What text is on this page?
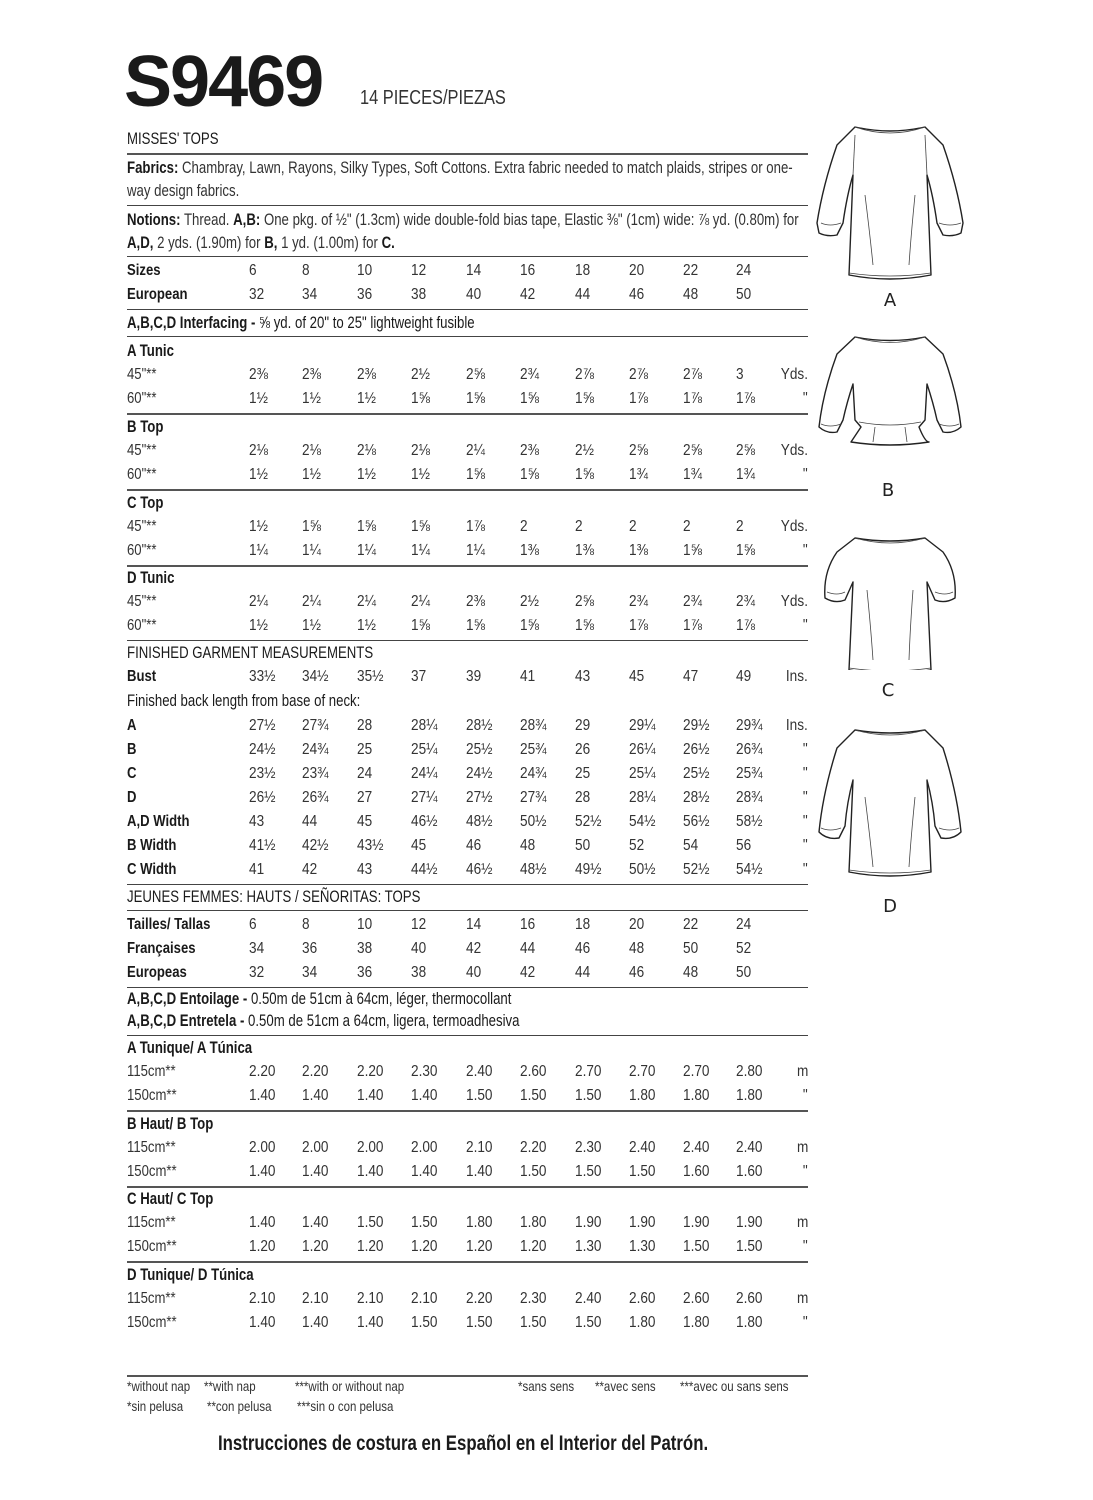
S9469 14 PIECES/PIEZAS
MISSES' TOPS
Fabrics: Chambray, Lawn, Rayons, Silky Types, Soft Cottons. Extra fabric needed to match plaids, stripes or one-way design fabrics.
Notions: Thread. A,B: One pkg. of ½" (1.3cm) wide double-fold bias tape, Elastic ⅜" (1cm) wide: ⅞ yd. (0.80m) for A,D, 2 yds. (1.90m) for B, 1 yd. (1.00m) for C.
Sizes	6	8	10	12	14	16	18	20	22	24
European	32	34	36	38	40	42	44	46	48	50
A,B,C,D Interfacing - ⅝ yd. of 20" to 25" lightweight fusible
A Tunic
45"**	2⅜	2⅜	2⅜	2½	2⅝	2¾	2⅞	2⅞	2⅞	3	Yds.
60"**	1½	1½	1½	1⅝	1⅝	1⅝	1⅝	1⅞	1⅞	1⅞	"
B Top
45"**	2⅛	2⅛	2⅛	2⅛	2¼	2⅜	2½	2⅝	2⅝	2⅝	Yds.
60"**	1½	1½	1½	1½	1⅝	1⅝	1⅝	1¾	1¾	1¾	"
C Top
45"**	1½	1⅝	1⅝	1⅝	1⅞	2	2	2	2	2	Yds.
60"**	1¼	1¼	1¼	1¼	1¼	1⅜	1⅜	1⅜	1⅝	1⅝	"
D Tunic
45"**	2¼	2¼	2¼	2¼	2⅜	2½	2⅝	2¾	2¾	2¾	Yds.
60"**	1½	1½	1½	1⅝	1⅝	1⅝	1⅝	1⅞	1⅞	1⅞	"
FINISHED GARMENT MEASUREMENTS
Bust	33½	34½	35½	37	39	41	43	45	47	49	Ins.
Finished back length from base of neck:
A	27½	27¾	28	28¼	28½	28¾	29	29¼	29½	29¾	Ins.
B	24½	24¾	25	25¼	25½	25¾	26	26¼	26½	26¾	"
C	23½	23¾	24	24¼	24½	24¾	25	25¼	25½	25¾	"
D	26½	26¾	27	27¼	27½	27¾	28	28¼	28½	28¾	"
A,D Width	43	44	45	46½	48½	50½	52½	54½	56½	58½	"
B Width	41½	42½	43½	45	46	48	50	52	54	56	"
C Width	41	42	43	44½	46½	48½	49½	50½	52½	54½	"
JEUNES FEMMES: HAUTS / SEÑORITAS: TOPS
Tailles/ Tallas 6	8	10	12	14	16	18	20	22	24
Françaises	34	36	38	40	42	44	46	48	50	52
Europeas	32	34	36	38	40	42	44	46	48	50
A,B,C,D Entoilage - 0.50m de 51cm à 64cm, léger, thermocollant
A,B,C,D Entretela - 0.50m de 51cm a 64cm, ligera, termoadhesiva
A Tunique/ A Túnica
115cm**	2.20	2.20	2.20	2.30	2.40	2.60	2.70	2.70	2.70	2.80	m
150cm**	1.40	1.40	1.40	1.40	1.50	1.50	1.50	1.80	1.80	1.80	"
B Haut/ B Top
115cm**	2.00	2.00	2.00	2.00	2.10	2.20	2.30	2.40	2.40	2.40	m
150cm**	1.40	1.40	1.40	1.40	1.40	1.50	1.50	1.50	1.60	1.60	"
C Haut/ C Top
115cm**	1.40	1.40	1.50	1.50	1.80	1.80	1.90	1.90	1.90	1.90	m
150cm**	1.20	1.20	1.20	1.20	1.20	1.20	1.30	1.30	1.50	1.50	"
D Tunique/ D Túnica
115cm**	2.10	2.10	2.10	2.10	2.20	2.30	2.40	2.60	2.60	2.60	m
150cm**	1.40	1.40	1.40	1.50	1.50	1.50	1.50	1.80	1.80	1.80	"
*without nap **with nap	***with or without nap	*sans sens **avec sens ***avec ou sans sens
*sin pelusa **con pelusa ***sin o con pelusa
Instrucciones de costura en Español en el Interior del Patrón.
A
B
C
D
